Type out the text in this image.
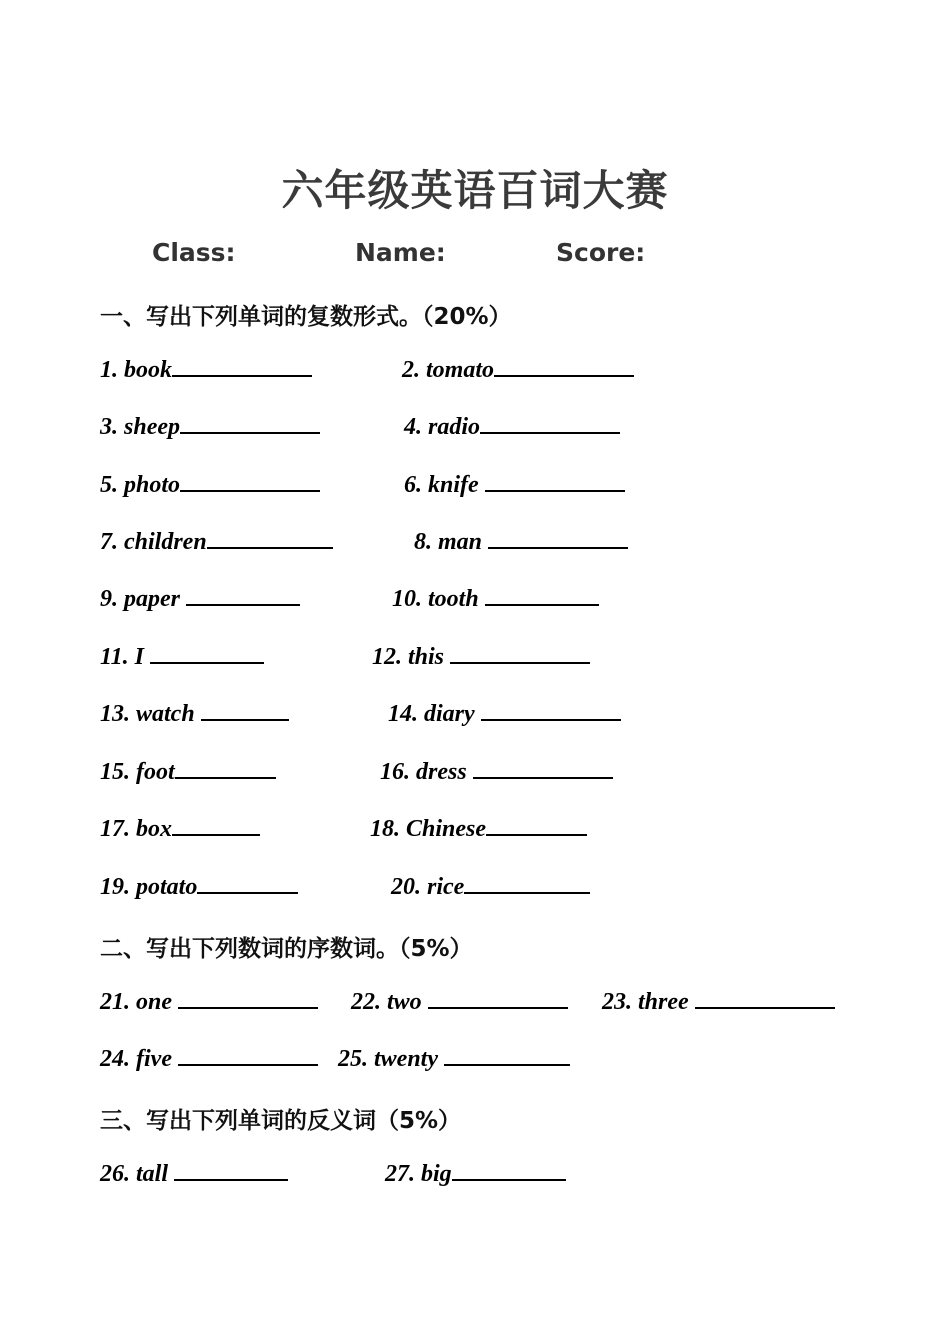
六年级英语百词大赛
Class:	Name:	Score:
一、写出下列单词的复数形式。（20%）
1. book	2. tomato
3. sheep	4. radio
5. photo	6. knife
7. children	8. man
9. paper	10. tooth
11. I	12. this
13. watch	14. diary
15. foot	16. dress
17. box	18. Chinese
19. potato	20. rice
二、写出下列数词的序数词。（5%）
21. one	22. two	23. three
24. five	25. twenty
三、写出下列单词的反义词（5%）
26. tall	27. big
